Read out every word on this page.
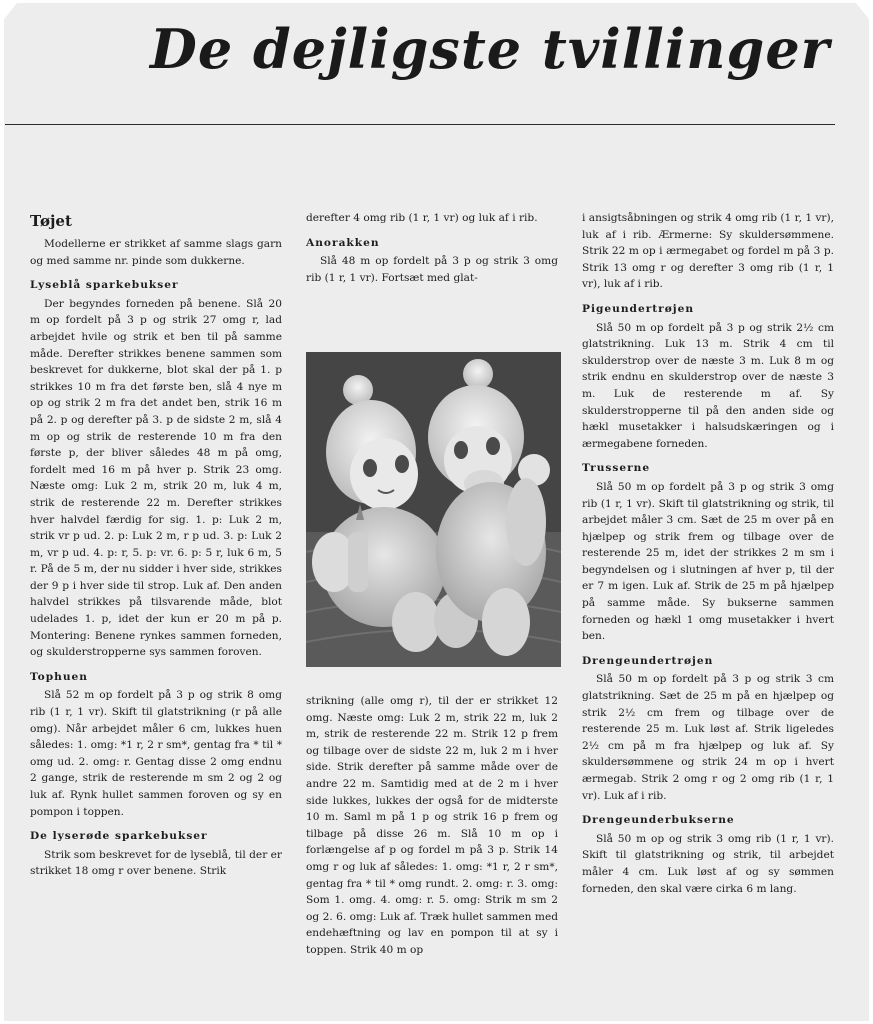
De dejligste tvillinger
Tøjet

Modellerne er strikket af samme slags garn og med samme nr. pinde som dukkerne.

Lyseblå sparkebukser

Der begyndes forneden på benene. Slå 20 m op fordelt på 3 p og strik 27 omg r, lad arbejdet hvile og strik et ben til på samme måde. Derefter strikkes benene sammen som beskrevet for dukkerne, blot skal der på 1. p strikkes 10 m fra det første ben, slå 4 nye m op og strik 2 m fra det andet ben, strik 16 m på 2. p og derefter på 3. p de sidste 2 m, slå 4 m op og strik de resterende 10 m fra den første p, der bliver således 48 m på omg, fordelt med 16 m på hver p. Strik 23 omg. Næste omg: Luk 2 m, strik 20 m, luk 4 m, strik de resterende 22 m. Derefter strikkes hver halvdel færdig for sig. 1. p: Luk 2 m, strik vr p ud. 2. p: Luk 2 m, r p ud. 3. p: Luk 2 m, vr p ud. 4. p: r, 5. p: vr. 6. p: 5 r, luk 6 m, 5 r. På de 5 m, der nu sidder i hver side, strikkes der 9 p i hver side til strop. Luk af. Den anden halvdel strikkes på tilsvarende måde, blot udelades 1. p, idet der kun er 20 m på p. Montering: Benene rynkes sammen forneden, og skulderstropperne sys sammen foroven.

Tophuen

Slå 52 m op fordelt på 3 p og strik 8 omg rib (1 r, 1 vr). Skift til glatstrikning (r på alle omg). Når arbejdet måler 6 cm, lukkes huen således: 1. omg: *1 r, 2 r sm*, gentag fra * til * omg ud. 2. omg: r. Gentag disse 2 omg endnu 2 gange, strik de resterende m sm 2 og 2 og luk af. Rynk hullet sammen foroven og sy en pompon i toppen.

De lyserøde sparkebukser

Strik som beskrevet for de lyseblå, til der er strikket 18 omg r over benene. Strik

derefter 4 omg rib (1 r, 1 vr) og luk af i rib.

Anorakken

Slå 48 m op fordelt på 3 p og strik 3 omg rib (1 r, 1 vr). Fortsæt med glat-

strikning (alle omg r), til der er strikket 12 omg. Næste omg: Luk 2 m, strik 22 m, luk 2 m, strik de resterende 22 m. Strik 12 p frem og tilbage over de sidste 22 m, luk 2 m i hver side. Strik derefter på samme måde over de andre 22 m. Samtidig med at de 2 m i hver side lukkes, lukkes der også for de midterste 10 m. Saml m på 1 p og strik 16 p frem og tilbage på disse 26 m. Slå 10 m op i forlængelse af p og fordel m på 3 p. Strik 14 omg r og luk af således: 1. omg: *1 r, 2 r sm*, gentag fra * til * omg rundt. 2. omg: r. 3. omg: Som 1. omg. 4. omg: r. 5. omg: Strik m sm 2 og 2. 6. omg: Luk af. Træk hullet sammen med endehæftning og lav en pompon til at sy i toppen. Strik 40 m op

i ansigtsåbningen og strik 4 omg rib (1 r, 1 vr), luk af i rib. Ærmerne: Sy skuldersømmene. Strik 22 m op i ærmegabet og fordel m på 3 p. Strik 13 omg r og derefter 3 omg rib (1 r, 1 vr), luk af i rib.

Pigeundertrøjen

Slå 50 m op fordelt på 3 p og strik 2½ cm glatstrikning. Luk 13 m. Strik 4 cm til skulderstrop over de næste 3 m. Luk 8 m og strik endnu en skulderstrop over de næste 3 m. Luk de resterende m af. Sy skulderstropperne til på den anden side og hækl musetakker i halsudskæringen og i ærmegabene forneden.

Trusserne

Slå 50 m op fordelt på 3 p og strik 3 omg rib (1 r, 1 vr). Skift til glatstrikning og strik, til arbejdet måler 3 cm. Sæt de 25 m over på en hjælpep og strik frem og tilbage over de resterende 25 m, idet der strikkes 2 m sm i begyndelsen og i slutningen af hver p, til der er 7 m igen. Luk af. Strik de 25 m på hjælpep på samme måde. Sy bukserne sammen forneden og hækl 1 omg musetakker i hvert ben.

Drengeundertrøjen

Slå 50 m op fordelt på 3 p og strik 3 cm glatstrikning. Sæt de 25 m på en hjælpep og strik 2½ cm frem og tilbage over de resterende 25 m. Luk løst af. Strik ligeledes 2½ cm på m fra hjælpep og luk af. Sy skuldersømmene og strik 24 m op i hvert ærmegab. Strik 2 omg r og 2 omg rib (1 r, 1 vr). Luk af i rib.

Drengeunderbukserne

Slå 50 m op og strik 3 omg rib (1 r, 1 vr). Skift til glatstrikning og strik, til arbejdet måler 4 cm. Luk løst af og sy sømmen forneden, den skal være cirka 6 m lang.
